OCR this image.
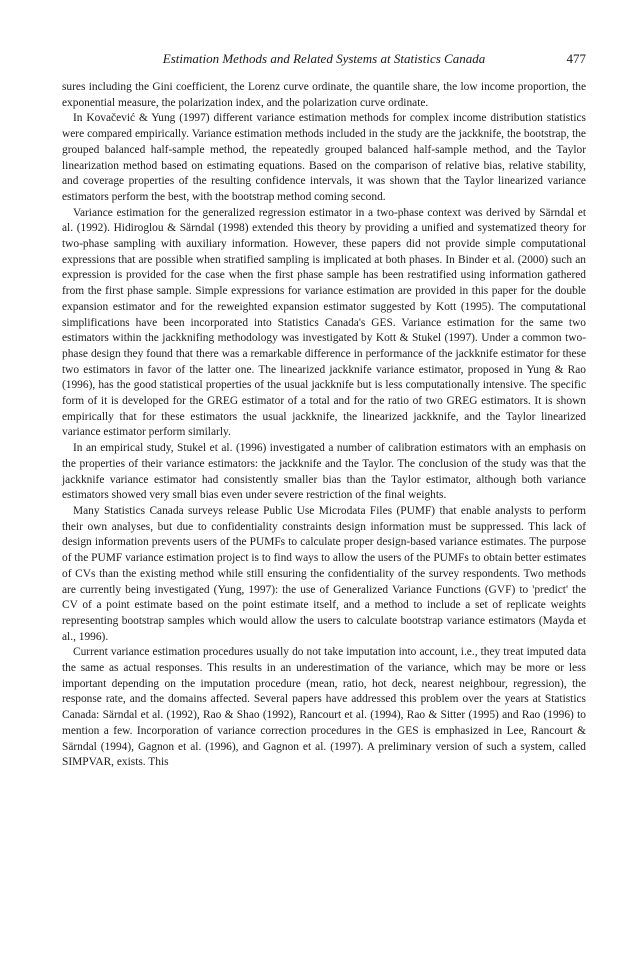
Estimation Methods and Related Systems at Statistics Canada	477

sures including the Gini coefficient, the Lorenz curve ordinate, the quantile share, the low income proportion, the exponential measure, the polarization index, and the polarization curve ordinate.

In Kovačević & Yung (1997) different variance estimation methods for complex income distribution statistics were compared empirically. Variance estimation methods included in the study are the jackknife, the bootstrap, the grouped balanced half-sample method, the repeatedly grouped balanced half-sample method, and the Taylor linearization method based on estimating equations. Based on the comparison of relative bias, relative stability, and coverage properties of the resulting confidence intervals, it was shown that the Taylor linearized variance estimators perform the best, with the bootstrap method coming second.

Variance estimation for the generalized regression estimator in a two-phase context was derived by Särndal et al. (1992). Hidiroglou & Särndal (1998) extended this theory by providing a unified and systematized theory for two-phase sampling with auxiliary information. However, these papers did not provide simple computational expressions that are possible when stratified sampling is implicated at both phases. In Binder et al. (2000) such an expression is provided for the case when the first phase sample has been restratified using information gathered from the first phase sample. Simple expressions for variance estimation are provided in this paper for the double expansion estimator and for the reweighted expansion estimator suggested by Kott (1995). The computational simplifications have been incorporated into Statistics Canada's GES. Variance estimation for the same two estimators within the jackknifing methodology was investigated by Kott & Stukel (1997). Under a common two-phase design they found that there was a remarkable difference in performance of the jackknife estimator for these two estimators in favor of the latter one. The linearized jackknife variance estimator, proposed in Yung & Rao (1996), has the good statistical properties of the usual jackknife but is less computationally intensive. The specific form of it is developed for the GREG estimator of a total and for the ratio of two GREG estimators. It is shown empirically that for these estimators the usual jackknife, the linearized jackknife, and the Taylor linearized variance estimator perform similarly.

In an empirical study, Stukel et al. (1996) investigated a number of calibration estimators with an emphasis on the properties of their variance estimators: the jackknife and the Taylor. The conclusion of the study was that the jackknife variance estimator had consistently smaller bias than the Taylor estimator, although both variance estimators showed very small bias even under severe restriction of the final weights.

Many Statistics Canada surveys release Public Use Microdata Files (PUMF) that enable analysts to perform their own analyses, but due to confidentiality constraints design information must be suppressed. This lack of design information prevents users of the PUMFs to calculate proper design-based variance estimates. The purpose of the PUMF variance estimation project is to find ways to allow the users of the PUMFs to obtain better estimates of CVs than the existing method while still ensuring the confidentiality of the survey respondents. Two methods are currently being investigated (Yung, 1997): the use of Generalized Variance Functions (GVF) to 'predict' the CV of a point estimate based on the point estimate itself, and a method to include a set of replicate weights representing bootstrap samples which would allow the users to calculate bootstrap variance estimators (Mayda et al., 1996).

Current variance estimation procedures usually do not take imputation into account, i.e., they treat imputed data the same as actual responses. This results in an underestimation of the variance, which may be more or less important depending on the imputation procedure (mean, ratio, hot deck, nearest neighbour, regression), the response rate, and the domains affected. Several papers have addressed this problem over the years at Statistics Canada: Särndal et al. (1992), Rao & Shao (1992), Rancourt et al. (1994), Rao & Sitter (1995) and Rao (1996) to mention a few. Incorporation of variance correction procedures in the GES is emphasized in Lee, Rancourt & Särndal (1994), Gagnon et al. (1996), and Gagnon et al. (1997). A preliminary version of such a system, called SIMPVAR, exists. This
